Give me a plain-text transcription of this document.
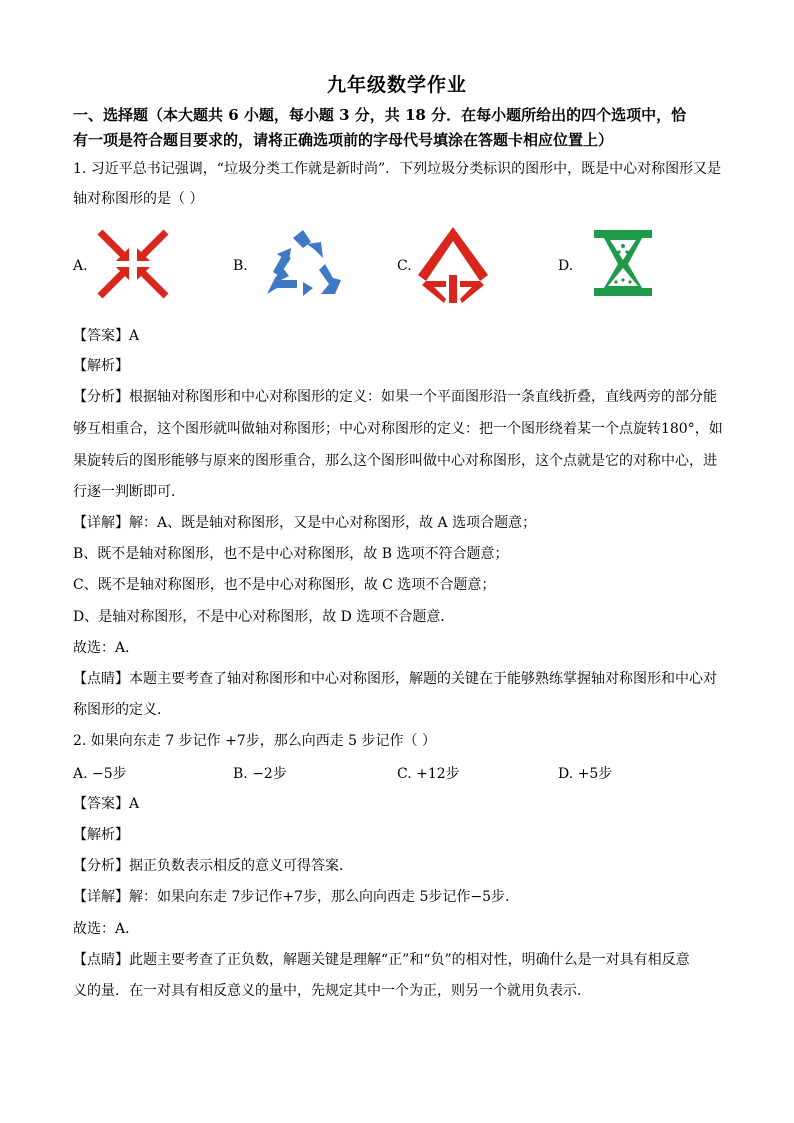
九年级数学作业
一、选择题（本大题共 6 小题，每小题 3 分，共 18 分．在每小题所给出的四个选项中，恰
有一项是符合题目要求的，请将正确选项前的字母代号填涂在答题卡相应位置上）
1. 习近平总书记强调，“垃圾分类工作就是新时尚”．下列垃圾分类标识的图形中，既是中心对称图形又是
轴对称图形的是（ ）
A.	B.	C.	D.
【答案】A
【解析】
【分析】根据轴对称图形和中心对称图形的定义：如果一个平面图形沿一条直线折叠，直线两旁的部分能
够互相重合，这个图形就叫做轴对称图形；中心对称图形的定义：把一个图形绕着某一个点旋转180°，如
果旋转后的图形能够与原来的图形重合，那么这个图形叫做中心对称图形，这个点就是它的对称中心，进
行逐一判断即可．
【详解】解：A、既是轴对称图形，又是中心对称图形，故 A 选项合题意；
B、既不是轴对称图形，也不是中心对称图形，故 B 选项不符合题意；
C、既不是轴对称图形，也不是中心对称图形，故 C 选项不合题意；
D、是轴对称图形，不是中心对称图形，故 D 选项不合题意．
故选：A．
【点睛】本题主要考查了轴对称图形和中心对称图形，解题的关键在于能够熟练掌握轴对称图形和中心对
称图形的定义．
2. 如果向东走 7 步记作 +7步，那么向西走 5 步记作（ ）
A. −5步	B. −2步	C. +12步	D. +5步
【答案】A
【解析】
【分析】据正负数表示相反的意义可得答案．
【详解】解：如果向东走 7步记作+7步，那么向向西走 5步记作−5步．
故选：A．
【点睛】此题主要考查了正负数，解题关键是理解“正”和“负”的相对性，明确什么是一对具有相反意
义的量．在一对具有相反意义的量中，先规定其中一个为正，则另一个就用负表示．
